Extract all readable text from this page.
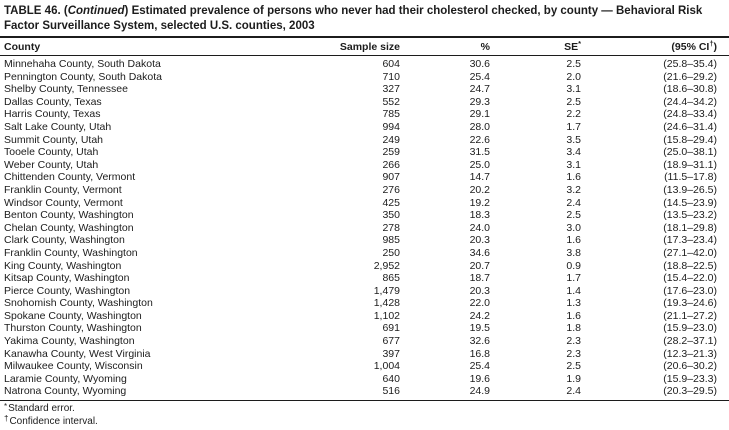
TABLE 46. (Continued) Estimated prevalence of persons who never had their cholesterol checked, by county — Behavioral Risk Factor Surveillance System, selected U.S. counties, 2003
County	Sample size	%	SE*	(95% CI†)
Minnehaha County, South Dakota	604	30.6	2.5	(25.8–35.4)
Pennington County, South Dakota	710	25.4	2.0	(21.6–29.2)
Shelby County, Tennessee	327	24.7	3.1	(18.6–30.8)
Dallas County, Texas	552	29.3	2.5	(24.4–34.2)
Harris County, Texas	785	29.1	2.2	(24.8–33.4)
Salt Lake County, Utah	994	28.0	1.7	(24.6–31.4)
Summit County, Utah	249	22.6	3.5	(15.8–29.4)
Tooele County, Utah	259	31.5	3.4	(25.0–38.1)
Weber County, Utah	266	25.0	3.1	(18.9–31.1)
Chittenden County, Vermont	907	14.7	1.6	(11.5–17.8)
Franklin County, Vermont	276	20.2	3.2	(13.9–26.5)
Windsor County, Vermont	425	19.2	2.4	(14.5–23.9)
Benton County, Washington	350	18.3	2.5	(13.5–23.2)
Chelan County, Washington	278	24.0	3.0	(18.1–29.8)
Clark County, Washington	985	20.3	1.6	(17.3–23.4)
Franklin County, Washington	250	34.6	3.8	(27.1–42.0)
King County, Washington	2,952	20.7	0.9	(18.8–22.5)
Kitsap County, Washington	865	18.7	1.7	(15.4–22.0)
Pierce County, Washington	1,479	20.3	1.4	(17.6–23.0)
Snohomish County, Washington	1,428	22.0	1.3	(19.3–24.6)
Spokane County, Washington	1,102	24.2	1.6	(21.1–27.2)
Thurston County, Washington	691	19.5	1.8	(15.9–23.0)
Yakima County, Washington	677	32.6	2.3	(28.2–37.1)
Kanawha County, West Virginia	397	16.8	2.3	(12.3–21.3)
Milwaukee County, Wisconsin	1,004	25.4	2.5	(20.6–30.2)
Laramie County, Wyoming	640	19.6	1.9	(15.9–23.3)
Natrona County, Wyoming	516	24.9	2.4	(20.3–29.5)
*Standard error.
†Confidence interval.
